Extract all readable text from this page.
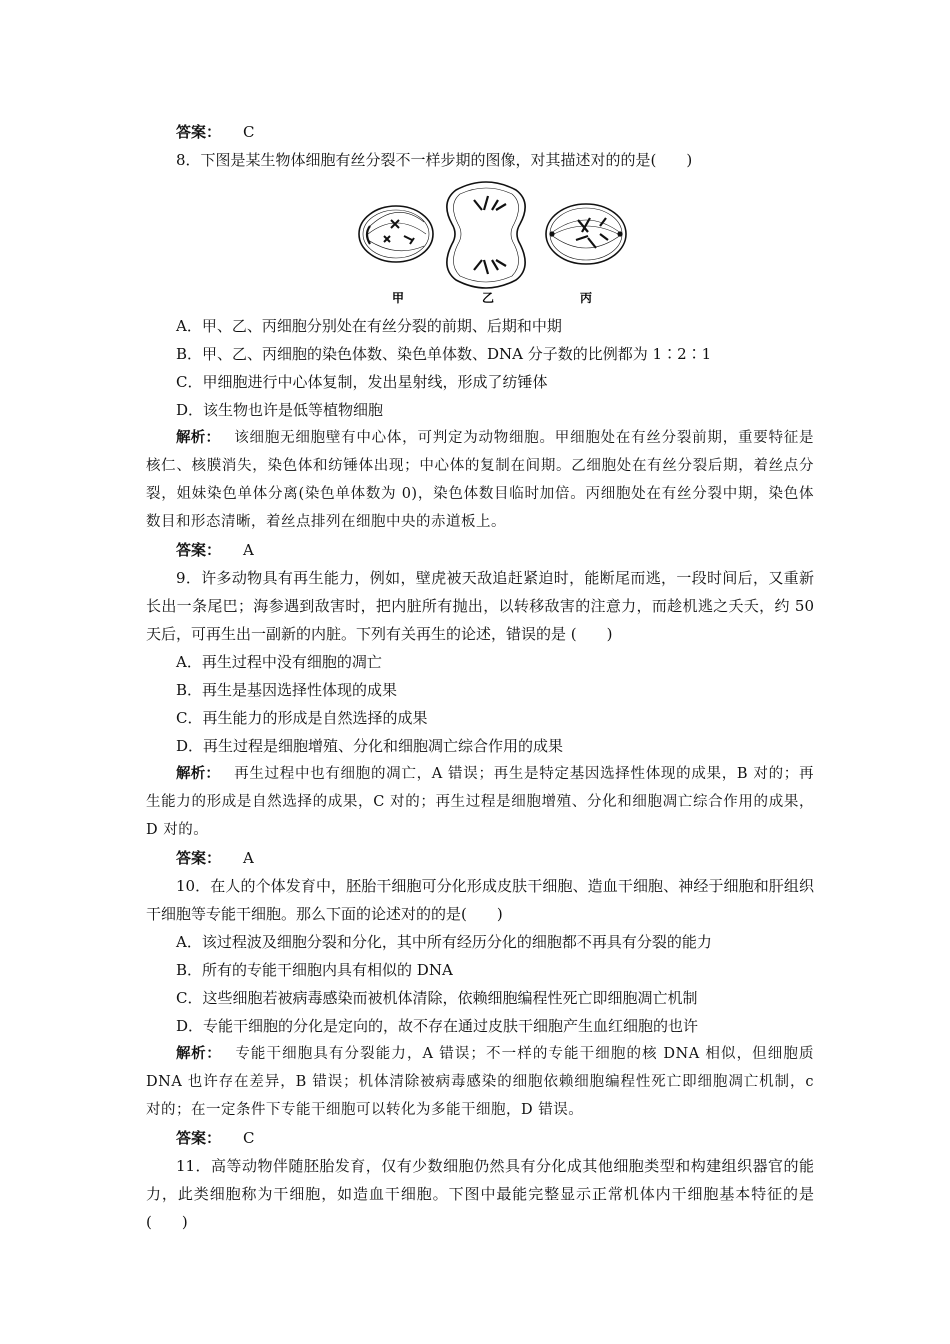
答案： C
8．下图是某生物体细胞有丝分裂不一样步期的图像，对其描述对的的是(　　)
甲	乙	丙
A．甲、乙、丙细胞分别处在有丝分裂的前期、后期和中期
B．甲、乙、丙细胞的染色体数、染色单体数、DNA 分子数的比例都为 1∶2∶1
C．甲细胞进行中心体复制，发出星射线，形成了纺锤体
D．该生物也许是低等植物细胞
解析： 该细胞无细胞壁有中心体，可判定为动物细胞。甲细胞处在有丝分裂前期，重要特征是核仁、核膜消失，染色体和纺锤体出现；中心体的复制在间期。乙细胞处在有丝分裂后期，着丝点分裂，姐妹染色单体分离(染色单体数为 0)，染色体数目临时加倍。丙细胞处在有丝分裂中期，染色体数目和形态清晰，着丝点排列在细胞中央的赤道板上。
答案： A
9．许多动物具有再生能力，例如，壁虎被天敌追赶紧迫时，能断尾而逃，一段时间后，又重新长出一条尾巴；海参遇到敌害时，把内脏所有抛出，以转移敌害的注意力，而趁机逃之夭夭，约 50 天后，可再生出一副新的内脏。下列有关再生的论述，错误的是 (　　)
A．再生过程中没有细胞的凋亡
B．再生是基因选择性体现的成果
C．再生能力的形成是自然选择的成果
D．再生过程是细胞增殖、分化和细胞凋亡综合作用的成果
解析： 再生过程中也有细胞的凋亡，A 错误；再生是特定基因选择性体现的成果，B 对的；再生能力的形成是自然选择的成果，C 对的；再生过程是细胞增殖、分化和细胞凋亡综合作用的成果，D 对的。
答案： A
10．在人的个体发育中，胚胎干细胞可分化形成皮肤干细胞、造血干细胞、神经于细胞和肝组织干细胞等专能干细胞。那么下面的论述对的的是(　　)
A．该过程波及细胞分裂和分化，其中所有经历分化的细胞都不再具有分裂的能力
B．所有的专能干细胞内具有相似的 DNA
C．这些细胞若被病毒感染而被机体清除，依赖细胞编程性死亡即细胞凋亡机制
D．专能干细胞的分化是定向的，故不存在通过皮肤干细胞产生血红细胞的也许
解析： 专能干细胞具有分裂能力，A 错误；不一样的专能干细胞的核 DNA 相似，但细胞质 DNA 也许存在差异，B 错误；机体清除被病毒感染的细胞依赖细胞编程性死亡即细胞凋亡机制，c 对的；在一定条件下专能干细胞可以转化为多能干细胞，D 错误。
答案： C
11．高等动物伴随胚胎发育，仅有少数细胞仍然具有分化成其他细胞类型和构建组织器官的能力，此类细胞称为干细胞，如造血干细胞。下图中最能完整显示正常机体内干细胞基本特征的是(　　)
